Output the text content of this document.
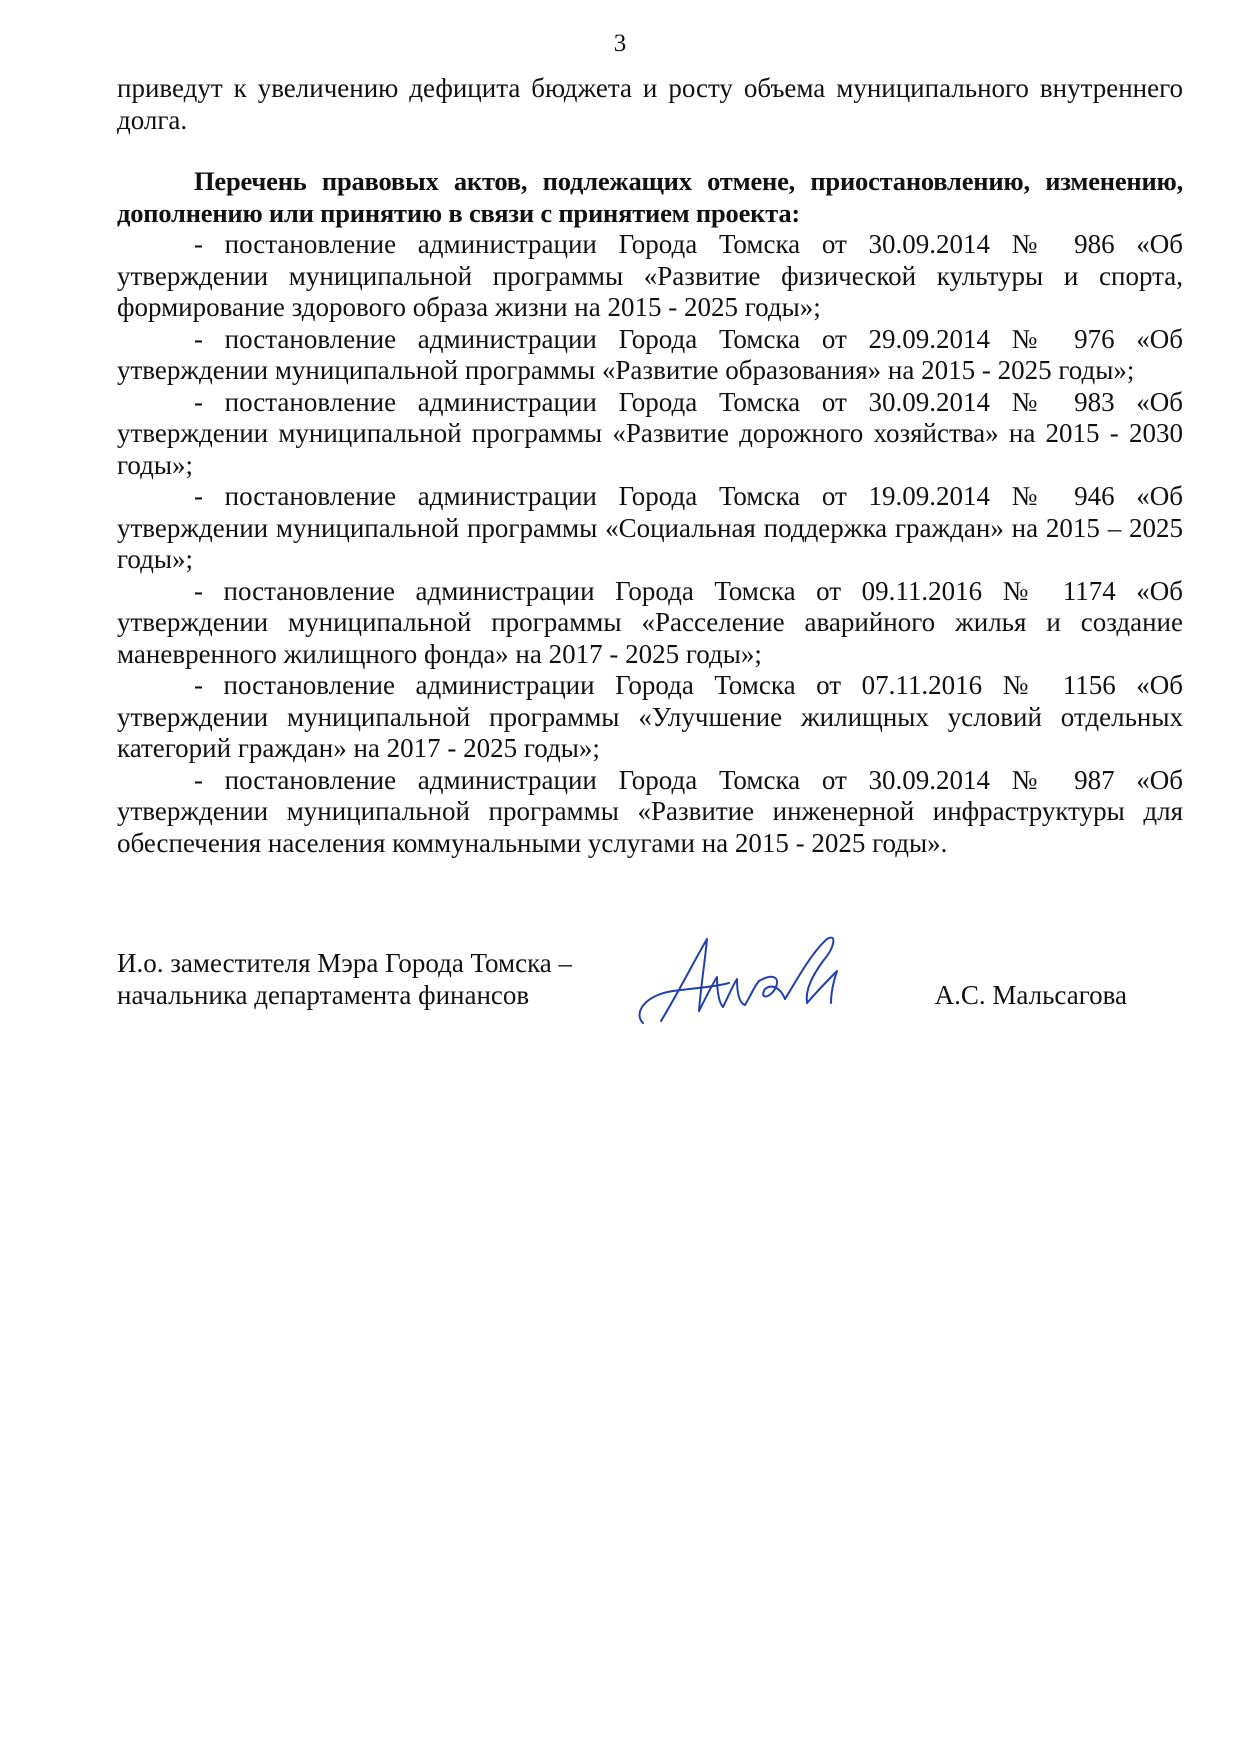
3

приведут к увеличению дефицита бюджета и росту объема муниципального внутреннего долга.

Перечень правовых актов, подлежащих отмене, приостановлению, изменению, дополнению или принятию в связи с принятием проекта:

- постановление администрации Города Томска от 30.09.2014 № 986 «Об утверждении муниципальной программы «Развитие физической культуры и спорта, формирование здорового образа жизни на 2015 - 2025 годы»;

- постановление администрации Города Томска от 29.09.2014 № 976 «Об утверждении муниципальной программы «Развитие образования» на 2015 - 2025 годы»;

- постановление администрации Города Томска от 30.09.2014 № 983 «Об утверждении муниципальной программы «Развитие дорожного хозяйства» на 2015 - 2030 годы»;

- постановление администрации Города Томска от 19.09.2014 № 946 «Об утверждении муниципальной программы «Социальная поддержка граждан» на 2015 – 2025 годы»;

- постановление администрации Города Томска от 09.11.2016 № 1174 «Об утверждении муниципальной программы «Расселение аварийного жилья и создание маневренного жилищного фонда» на 2017 - 2025 годы»;

- постановление администрации Города Томска от 07.11.2016 № 1156 «Об утверждении муниципальной программы «Улучшение жилищных условий отдельных категорий граждан» на 2017 - 2025 годы»;

- постановление администрации Города Томска от 30.09.2014 № 987 «Об утверждении муниципальной программы «Развитие инженерной инфраструктуры для обеспечения населения коммунальными услугами на 2015 - 2025 годы».

И.о. заместителя Мэра Города Томска –
начальника департамента финансов	А.С. Мальсагова
